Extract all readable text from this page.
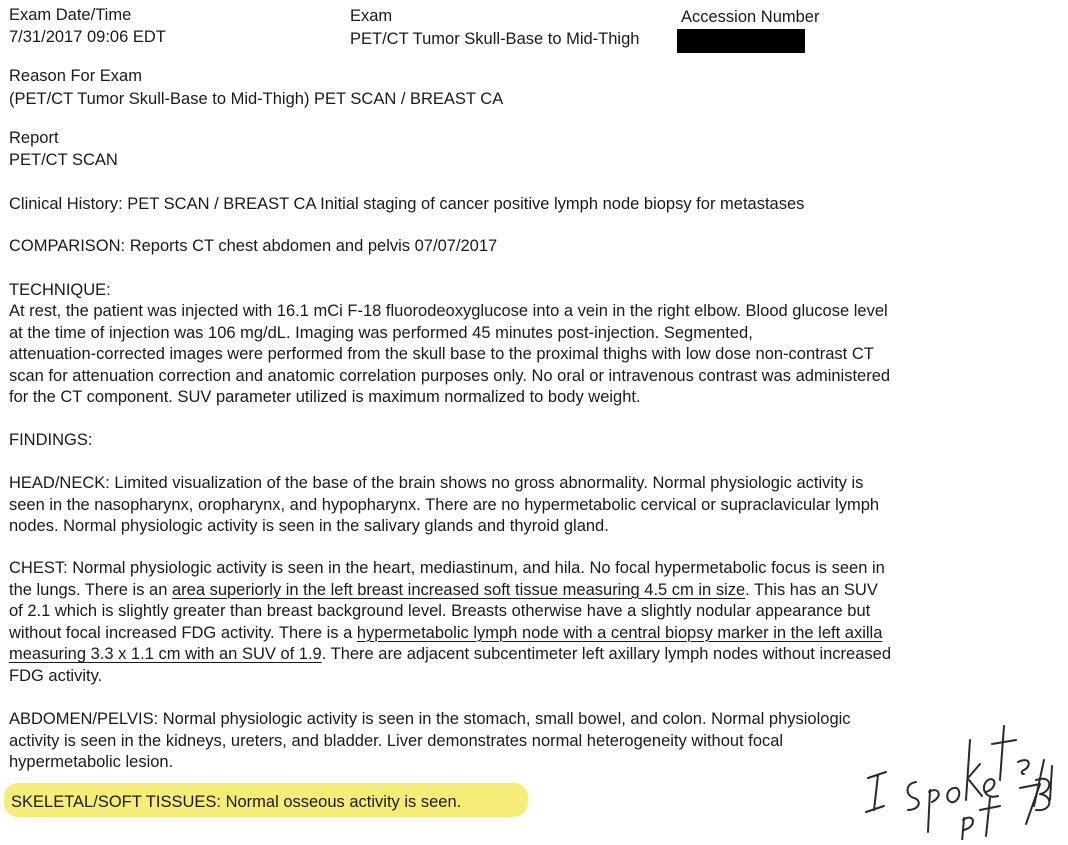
Exam Date/Time
7/31/2017 09:06 EDT
Exam
PET/CT Tumor Skull-Base to Mid-Thigh
Accession Number
Reason For Exam
(PET/CT Tumor Skull-Base to Mid-Thigh) PET SCAN / BREAST CA
Report
PET/CT SCAN
Clinical History: PET SCAN / BREAST CA Initial staging of cancer positive lymph node biopsy for metastases
COMPARISON: Reports CT chest abdomen and pelvis 07/07/2017
TECHNIQUE:
At rest, the patient was injected with 16.1 mCi F-18 fluorodeoxyglucose into a vein in the right elbow. Blood glucose level
at the time of injection was 106 mg/dL. Imaging was performed 45 minutes post-injection. Segmented,
attenuation-corrected images were performed from the skull base to the proximal thighs with low dose non-contrast CT
scan for attenuation correction and anatomic correlation purposes only. No oral or intravenous contrast was administered
for the CT component. SUV parameter utilized is maximum normalized to body weight.
FINDINGS:
HEAD/NECK: Limited visualization of the base of the brain shows no gross abnormality. Normal physiologic activity is
seen in the nasopharynx, oropharynx, and hypopharynx. There are no hypermetabolic cervical or supraclavicular lymph
nodes. Normal physiologic activity is seen in the salivary glands and thyroid gland.
CHEST: Normal physiologic activity is seen in the heart, mediastinum, and hila. No focal hypermetabolic focus is seen in
the lungs. There is an area superiorly in the left breast increased soft tissue measuring 4.5 cm in size. This has an SUV
of 2.1 which is slightly greater than breast background level. Breasts otherwise have a slightly nodular appearance but
without focal increased FDG activity. There is a hypermetabolic lymph node with a central biopsy marker in the left axilla
measuring 3.3 x 1.1 cm with an SUV of 1.9. There are adjacent subcentimeter left axillary lymph nodes without increased
FDG activity.
ABDOMEN/PELVIS: Normal physiologic activity is seen in the stomach, small bowel, and colon. Normal physiologic
activity is seen in the kidneys, ureters, and bladder. Liver demonstrates normal heterogeneity without focal
hypermetabolic lesion.
SKELETAL/SOFT TISSUES: Normal osseous activity is seen.
I spoke to pt 7/31
